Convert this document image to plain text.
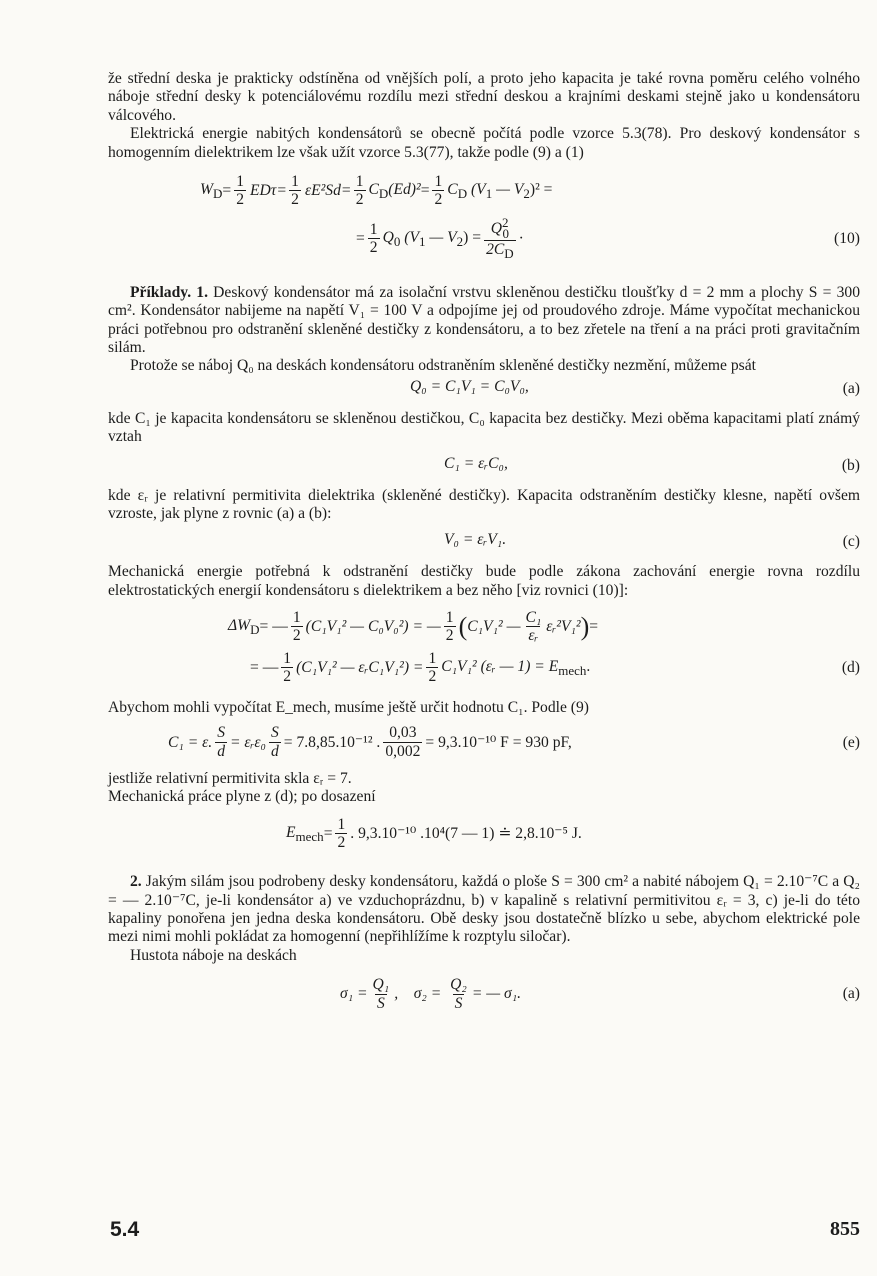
že střední deska je prakticky odstíněna od vnějších polí, a proto jeho kapacita je také rovna poměru celého volného náboje střední desky k potenciálovému rozdílu mezi střední deskou a krajními deskami stejně jako u kondensátoru válcového.

Elektrická energie nabitých kondensátorů se obecně počítá podle vzorce 5.3(78). Pro deskový kondensátor s homogenním dielektrikem lze však užít vzorce 5.3(77), takže podle (9) a (1)

$W_D = \frac{1}{2}$ $ED\tau = \frac{1}{2} \varepsilon E^2Sd = \frac{1}{2} C_D(Ed)^2 = \frac{1}{2} C_D$ ($V_1$ — $V_2)^2$ =
= $\frac{1}{2} Q_0$ ($V_1$ — $V_2) = \frac{Q^2_0}{2C_D}$ ·	(10)

Příklady. 1. Deskový kondensátor má za isolační vrstvu skleněnou destičku tloušťky d = 2 mm a plochy S = 300 cm². Kondensátor nabijeme na napětí V₁ = 100 V a odpojíme jej od proudového zdroje. Máme vypočítat mechanickou práci potřebnou pro odstranění skleněné destičky z kondensátoru, a to bez zřetele na tření a na práci proti gravitačním silám.

Protože se náboj Q₀ na deskách kondensátoru odstraněním skleněné destičky nezmění, můžeme psát

Q₀ = C₁V₁ = C₀V₀,	(a)

kde C₁ je kapacita kondensátoru se skleněnou destičkou, C₀ kapacita bez destičky. Mezi oběma kapacitami platí známý vztah

C₁ = εᵣC₀,	(b)

kde εᵣ je relativní permitivita dielektrika (skleněné destičky). Kapacita odstraněním destičky klesne, napětí ovšem vzroste, jak plyne z rovnic (a) a (b):

V₀ = εᵣV₁.	(c)

Mechanická energie potřebná k odstranění destičky bude podle zákona zachování energie rovna rozdílu elektrostatických energií kondensátoru s dielektrikem a bez něho [viz rovnici (10)]:

$\Delta W_D$ = — $\frac{1}{2} (C_1V_1^2$ — C₀V₀²) = — $\frac{1}{2}$ ( C₁V₁² — $\frac{\text{C₁}}{\text{εᵣ}}$ εᵣ²V₁² ) =
= — $\frac{1}{2} (C_1V_1^2$ — εᵣC₁V₁²) = $\frac{1}{2} C_1V_1^2$ (εᵣ — $1) = E_{mech}$.	(d)

Abychom mohli vypočítat E_mech, musíme ještě určit hodnotu C₁. Podle (9)

C₁ = ε. $\frac{S}{d}$ = εᵣε₀ $\frac{S}{d} = 7.8,85.10^{-12}$ . $\frac{0,03}{0,002} = 9,3.10^{-10}$ F = 930 pF,	(e)

jestliže relativní permitivita skla εᵣ = 7.

Mechanická práce plyne z (d); po dosazení

$E_{mech} = \frac{1}{2}$ . 9,3.10⁻¹⁰ .10⁴(7 — 1) ≐ 2,8.10⁻⁵ J.

2. Jakým silám jsou podrobeny desky kondensátoru, každá o ploše S = 300 cm² a nabité nábojem Q₁ = 2.10⁻⁷C a Q₂ = — 2.10⁻⁷C, je-li kondensátor a) ve vzduchoprázdnu, b) v kapalině s relativní permitivitou εᵣ = 3, c) je-li do této kapaliny ponořena jen jedna deska kondensátoru. Obě desky jsou dostatečně blízko u sebe, abychom elektrické pole mezi nimi mohli pokládat za homogenní (nepřihlížíme k rozptylu siločar).

Hustota náboje na deskách

$\sigma_1 = \frac{\text{Q₁}}{S}$ ,    $\sigma_2 = \frac{\text{Q₂}}{S}$ = — σ₁.	(a)
5.4	855
